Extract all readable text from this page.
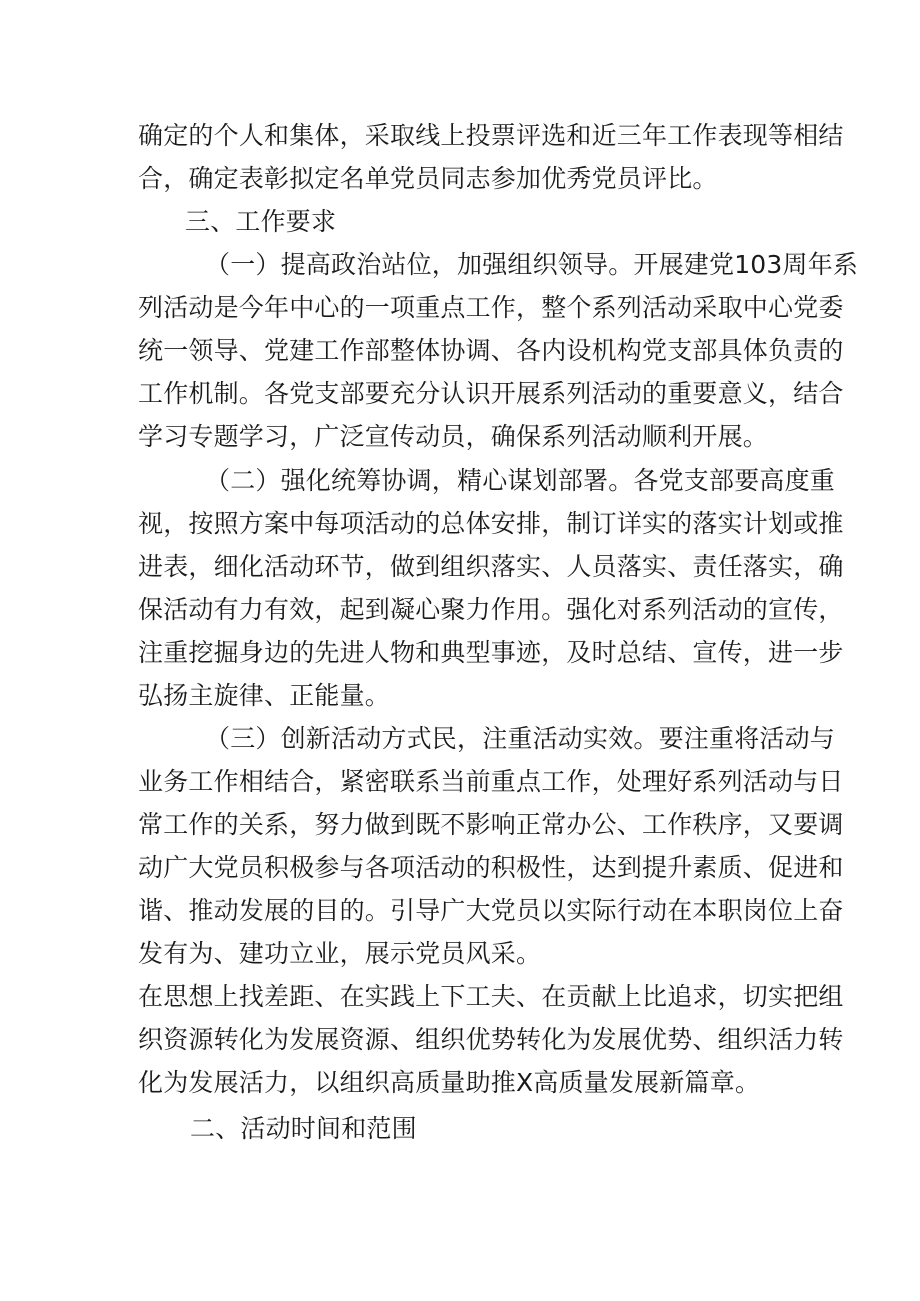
确定的个人和集体，采取线上投票评选和近三年工作表现等相结
合，确定表彰拟定名单党员同志参加优秀党员评比。
三、工作要求
（一）提高政治站位，加强组织领导。开展建党103周年系
列活动是今年中心的一项重点工作，整个系列活动采取中心党委
统一领导、党建工作部整体协调、各内设机构党支部具体负责的
工作机制。各党支部要充分认识开展系列活动的重要意义，结合
学习专题学习，广泛宣传动员，确保系列活动顺利开展。
（二）强化统筹协调，精心谋划部署。各党支部要高度重
视，按照方案中每项活动的总体安排，制订详实的落实计划或推
进表，细化活动环节，做到组织落实、人员落实、责任落实，确
保活动有力有效，起到凝心聚力作用。强化对系列活动的宣传，
注重挖掘身边的先进人物和典型事迹，及时总结、宣传，进一步
弘扬主旋律、正能量。
（三）创新活动方式民，注重活动实效。要注重将活动与
业务工作相结合，紧密联系当前重点工作，处理好系列活动与日
常工作的关系，努力做到既不影响正常办公、工作秩序，又要调
动广大党员积极参与各项活动的积极性，达到提升素质、促进和
谐、推动发展的目的。引导广大党员以实际行动在本职岗位上奋
发有为、建功立业，展示党员风采。
在思想上找差距、在实践上下工夫、在贡献上比追求，切实把组
织资源转化为发展资源、组织优势转化为发展优势、组织活力转
化为发展活力，以组织高质量助推X高质量发展新篇章。
二、活动时间和范围
